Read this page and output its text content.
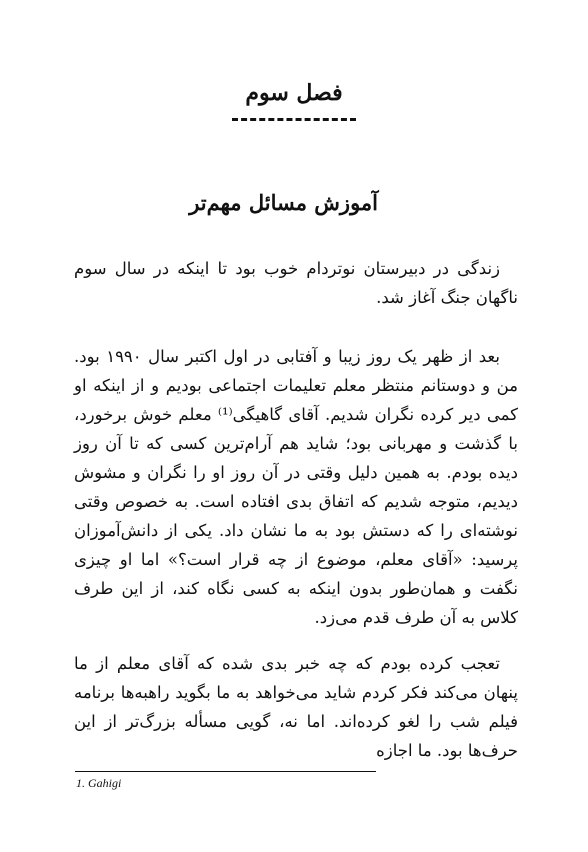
فصل سوم
آموزش مسائل مهم‌تر

زندگی در دبیرستان نوتردام خوب بود تا اینکه در سال سوم ناگهان جنگ آغاز شد.

بعد از ظهر یک روز زیبا و آفتابی در اول اکتبر سال ۱۹۹۰ بود. من و دوستانم منتظر معلم تعلیمات اجتماعی بودیم و از اینکه او کمی دیر کرده نگران شدیم. آقای گاهیگی⁽¹⁾ معلم خوش برخورد، با گذشت و مهربانی بود؛ شاید هم آرام‌ترین کسی که تا آن روز دیده بودم. به همین دلیل وقتی در آن روز او را نگران و مشوش دیدیم، متوجه شدیم که اتفاق بدی افتاده است. به خصوص وقتی نوشته‌ای را که دستش بود به ما نشان داد. یکی از دانش‌آموزان پرسید: «آقای معلم، موضوع از چه قرار است؟» اما او چیزی نگفت و همان‌طور بدون اینکه به کسی نگاه کند، از این طرف کلاس به آن طرف قدم می‌زد.

تعجب کرده بودم که چه خبر بدی شده که آقای معلم از ما پنهان می‌کند فکر کردم شاید می‌خواهد به ما بگوید راهبه‌ها برنامه فیلم شب را لغو کرده‌اند. اما نه، گویی مسأله بزرگ‌تر از این حرف‌ها بود. ما اجازه

1. Gahigi
